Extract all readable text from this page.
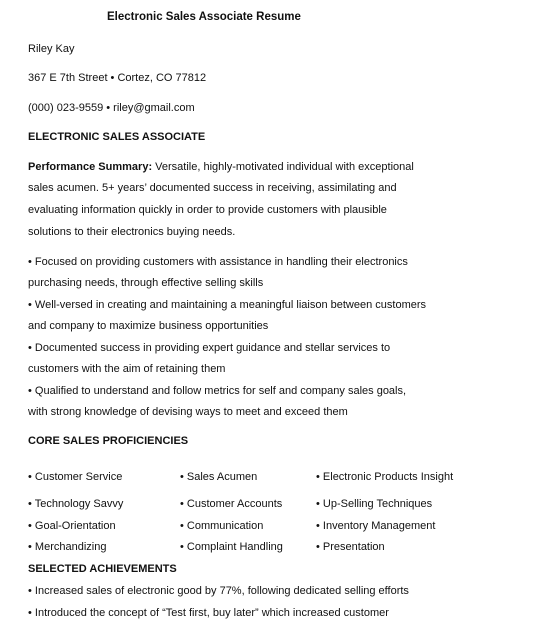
Electronic Sales Associate Resume
Riley Kay
367 E 7th Street • Cortez, CO 77812
(000) 023-9559 • riley@gmail.com
ELECTRONIC SALES ASSOCIATE
Performance Summary: Versatile, highly-motivated individual with exceptional
sales acumen. 5+ years’ documented success in receiving, assimilating and
evaluating information quickly in order to provide customers with plausible
solutions to their electronics buying needs.
• Focused on providing customers with assistance in handling their electronics
purchasing needs, through effective selling skills
• Well-versed in creating and maintaining a meaningful liaison between customers
and company to maximize business opportunities
• Documented success in providing expert guidance and stellar services to
customers with the aim of retaining them
• Qualified to understand and follow metrics for self and company sales goals,
with strong knowledge of devising ways to meet and exceed them
CORE SALES PROFICIENCIES
• Customer Service	• Sales Acumen	• Electronic Products Insight
• Technology Savvy	• Customer Accounts	• Up-Selling Techniques
• Goal-Orientation	• Communication	• Inventory Management
• Merchandizing	• Complaint Handling	• Presentation
SELECTED ACHIEVEMENTS
• Increased sales of electronic good by 77%, following dedicated selling efforts
• Introduced the concept of “Test first, buy later” which increased customer
